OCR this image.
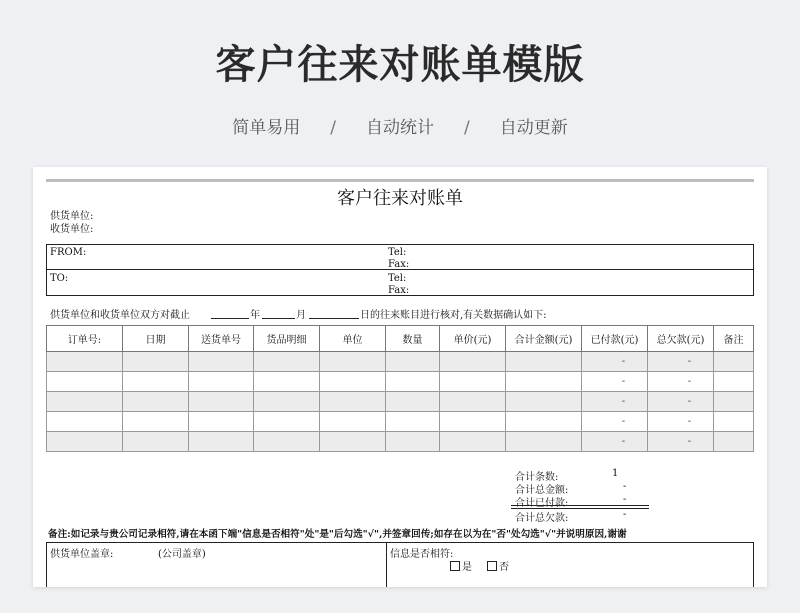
客户往来对账单模版
简单易用 / 自动统计 / 自动更新
客户往来对账单
供货单位:
收货单位:
FROM:	Tel:
Fax:
TO:	Tel:
Fax:
供货单位和收货单位双方对截止	年	月	日的往来账目进行核对,有关数据确认如下:
订单号:	日期	送货单号	货品明细	单位	数量	单价(元)	合计金额(元)	已付款(元)	总欠款(元)	备注
								-	-	
								-	-	
								-	-	
								-	-	
								-	-	
合计条数:	1
合计总金额:	-
合计已付款:	-
合计总欠款:	-
备注:如记录与贵公司记录相符,请在本函下端"信息是否相符"处"是"后勾选"√",并签章回传;如存在以为在"否"处勾选"√"并说明原因,谢谢
供货单位盖章:	(公司盖章)	信息是否相符:
是	否
